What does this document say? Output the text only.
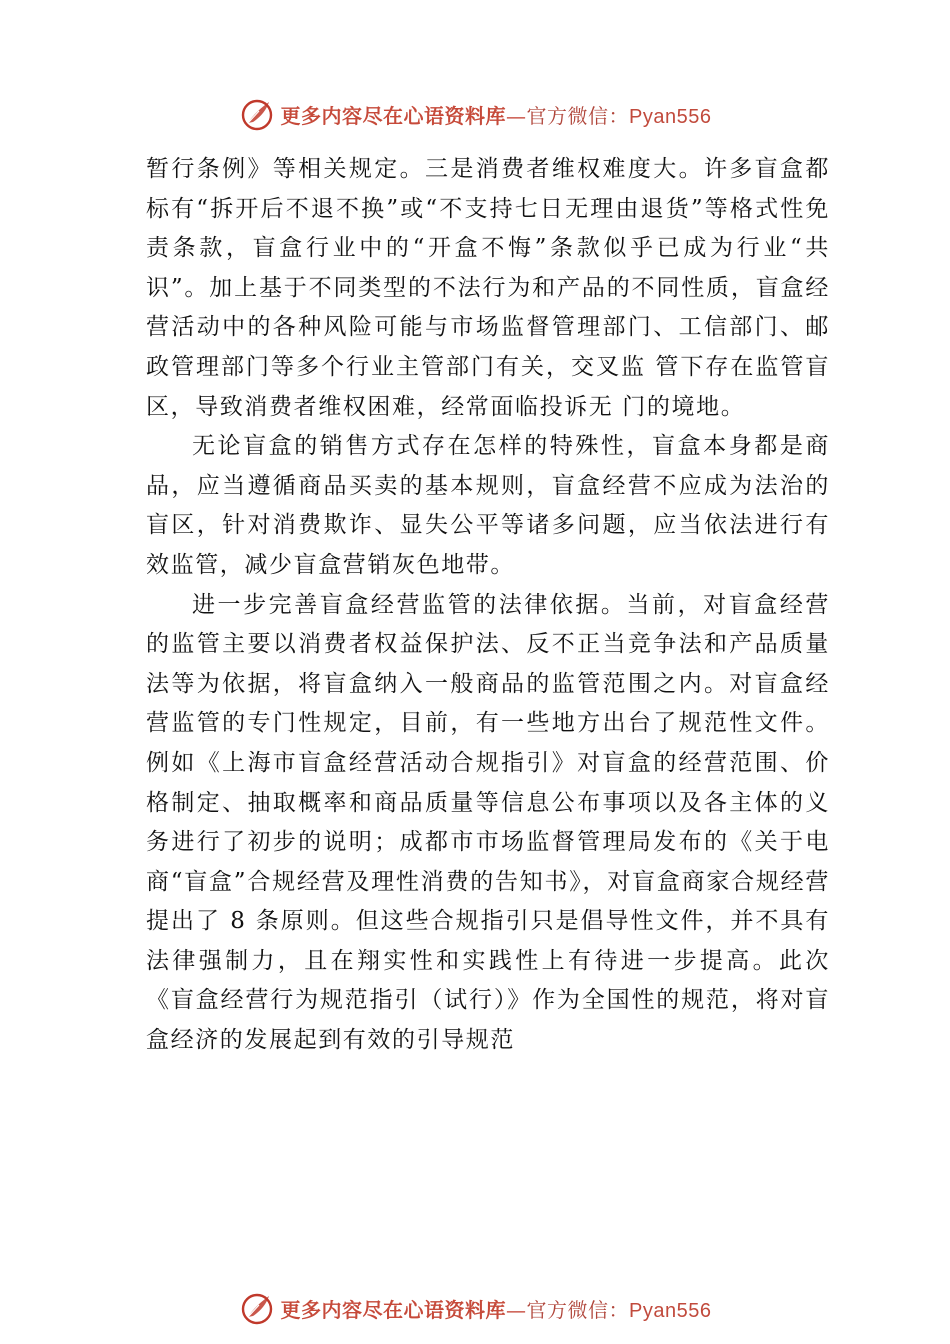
更多内容尽在心语资料库—官方微信：Pyan556

暂行条例》等相关规定。三是消费者维权难度大。许多盲盒都标有“拆开后不退不换”或“不支持七日无理由退货”等格式性免责条款，盲盒行业中的“开盒不悔”条款似乎已成为行业“共识”。加上基于不同类型的不法行为和产品的不同性质，盲盒经营活动中的各种风险可能与市场监督管理部门、工信部门、邮政管理部门等多个行业主管部门有关，交叉监 管下存在监管盲区，导致消费者维权困难，经常面临投诉无 门的境地。

无论盲盒的销售方式存在怎样的特殊性，盲盒本身都是商品，应当遵循商品买卖的基本规则，盲盒经营不应成为法治的盲区，针对消费欺诈、显失公平等诸多问题，应当依法进行有效监管，减少盲盒营销灰色地带。

进一步完善盲盒经营监管的法律依据。当前，对盲盒经营的监管主要以消费者权益保护法、反不正当竞争法和产品质量法等为依据，将盲盒纳入一般商品的监管范围之内。对盲盒经营监管的专门性规定，目前，有一些地方出台了规范性文件。例如《上海市盲盒经营活动合规指引》对盲盒的经营范围、价格制定、抽取概率和商品质量等信息公布事项以及各主体的义务进行了初步的说明；成都市市场监督管理局发布的《关于电商“盲盒”合规经营及理性消费的告知书》，对盲盒商家合规经营提出了 8 条原则。但这些合规指引只是倡导性文件，并不具有法律强制力，且在翔实性和实践性上有待进一步提高。此次《盲盒经营行为规范指引（试行）》作为全国性的规范，将对盲盒经济的发展起到有效的引导规范

更多内容尽在心语资料库—官方微信：Pyan556
